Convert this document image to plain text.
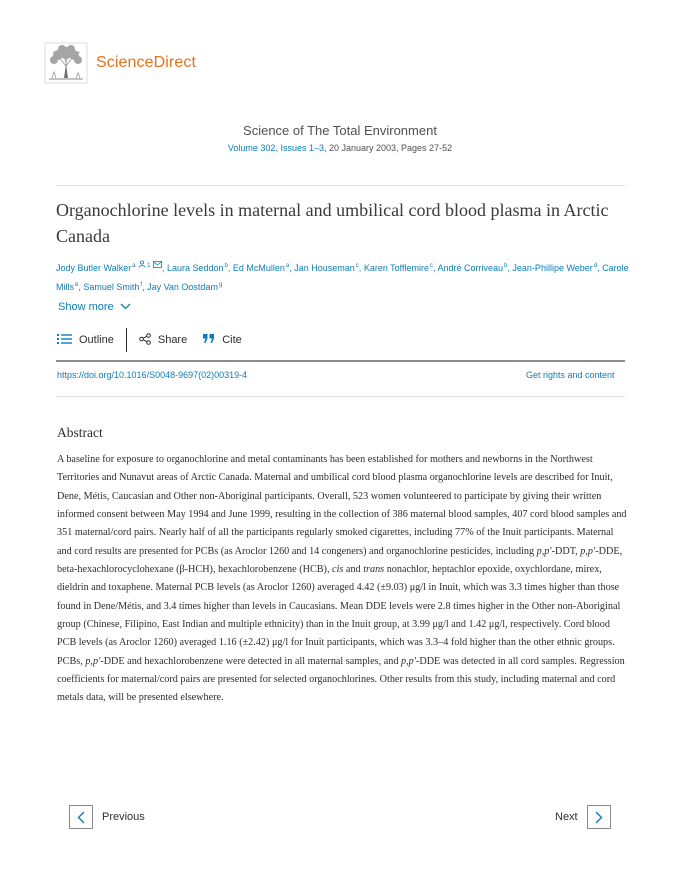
ScienceDirect
Science of The Total Environment
Volume 302, Issues 1–3, 20 January 2003, Pages 27-52
Organochlorine levels in maternal and umbilical cord blood plasma in Arctic Canada
Jody Butler Walker$^a$ $^1$ , Laura Seddon$^b$, Ed McMullen$^a$, Jan Houseman$^c$, Karen Tofflemire$^c$, André Corriveau$^b$, Jean-Phillipe Weber$^d$, Carole Mills$^e$, Samuel Smith$^f$, Jay Van Oostdam$^g$
Show more
Outline	Share	Cite
https://doi.org/10.1016/S0048-9697(02)00319-4	Get rights and content
Abstract
A baseline for exposure to organochlorine and metal contaminants has been established for mothers and newborns in the Northwest Territories and Nunavut areas of Arctic Canada. Maternal and umbilical cord blood plasma organochlorine levels are described for Inuit, Dene, Métis, Caucasian and Other non-Aboriginal participants. Overall, 523 women volunteered to participate by giving their written informed consent between May 1994 and June 1999, resulting in the collection of 386 maternal blood samples, 407 cord blood samples and 351 maternal/cord pairs. Nearly half of all the participants regularly smoked cigarettes, including 77% of the Inuit participants. Maternal and cord results are presented for PCBs (as Aroclor 1260 and 14 congeners) and organochlorine pesticides, including p,p′-DDT, p,p′-DDE, beta-hexachlorocyclohexane (β-HCH), hexachlorobenzene (HCB), cis and trans nonachlor, heptachlor epoxide, oxychlordane, mirex, dieldrin and toxaphene. Maternal PCB levels (as Aroclor 1260) averaged 4.42 (±9.03) μg/l in Inuit, which was 3.3 times higher than those found in Dene/Métis, and 3.4 times higher than levels in Caucasians. Mean DDE levels were 2.8 times higher in the Other non-Aboriginal group (Chinese, Filipino, East Indian and multiple ethnicity) than in the Inuit group, at 3.99 μg/l and 1.42 μg/l, respectively. Cord blood PCB levels (as Aroclor 1260) averaged 1.16 (±2.42) μg/l for Inuit participants, which was 3.3–4 fold higher than the other ethnic groups. PCBs, p,p′-DDE and hexachlorobenzene were detected in all maternal samples, and p,p′-DDE was detected in all cord samples. Regression coefficients for maternal/cord pairs are presented for selected organochlorines. Other results from this study, including maternal and cord metals data, will be presented elsewhere.
Previous	Next
